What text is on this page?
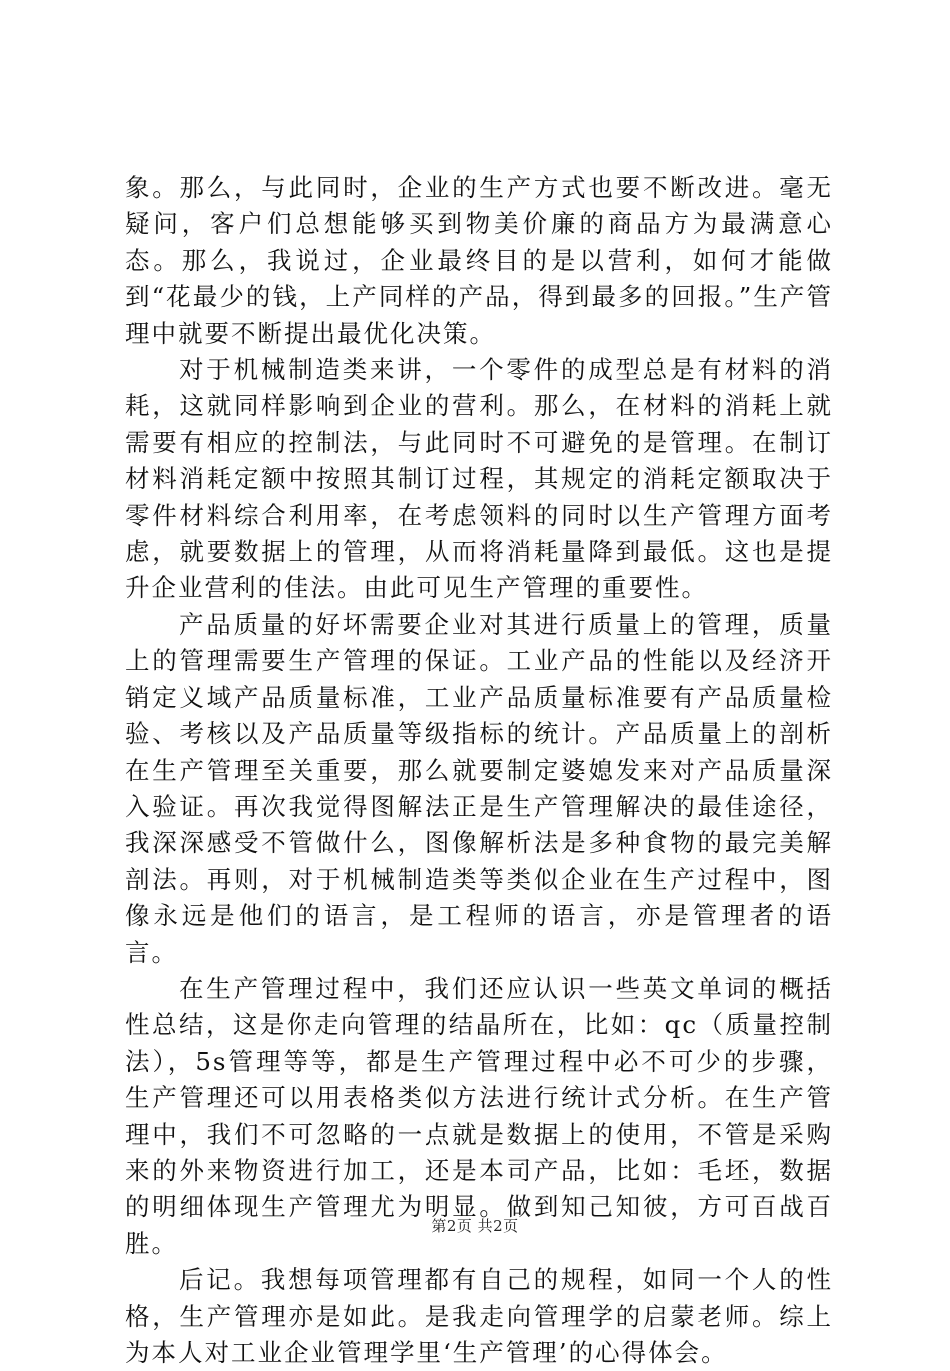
象。那么，与此同时，企业的生产方式也要不断改进。毫无疑问，客户们总想能够买到物美价廉的商品方为最满意心态。那么，我说过，企业最终目的是以营利，如何才能做到“花最少的钱，上产同样的产品，得到最多的回报。”生产管理中就要不断提出最优化决策。

对于机械制造类来讲，一个零件的成型总是有材料的消耗，这就同样影响到企业的营利。那么，在材料的消耗上就需要有相应的控制法，与此同时不可避免的是管理。在制订材料消耗定额中按照其制订过程，其规定的消耗定额取决于零件材料综合利用率，在考虑领料的同时以生产管理方面考虑，就要数据上的管理，从而将消耗量降到最低。这也是提升企业营利的佳法。由此可见生产管理的重要性。

产品质量的好坏需要企业对其进行质量上的管理，质量上的管理需要生产管理的保证。工业产品的性能以及经济开销定义域产品质量标准，工业产品质量标准要有产品质量检验、考核以及产品质量等级指标的统计。产品质量上的剖析在生产管理至关重要，那么就要制定婆媳发来对产品质量深入验证。再次我觉得图解法正是生产管理解决的最佳途径，我深深感受不管做什么，图像解析法是多种食物的最完美解剖法。再则，对于机械制造类等类似企业在生产过程中，图像永远是他们的语言，是工程师的语言，亦是管理者的语言。

在生产管理过程中，我们还应认识一些英文单词的概括性总结，这是你走向管理的结晶所在，比如：qc（质量控制法），5s管理等等，都是生产管理过程中必不可少的步骤，生产管理还可以用表格类似方法进行统计式分析。在生产管理中，我们不可忽略的一点就是数据上的使用，不管是采购来的外来物资进行加工，还是本司产品，比如：毛坯，数据的明细体现生产管理尤为明显。做到知己知彼，方可百战百胜。

后记。我想每项管理都有自己的规程，如同一个人的性格，生产管理亦是如此。是我走向管理学的启蒙老师。综上为本人对工业企业管理学里‘生产管理’的心得体会。

第2页 共2页
